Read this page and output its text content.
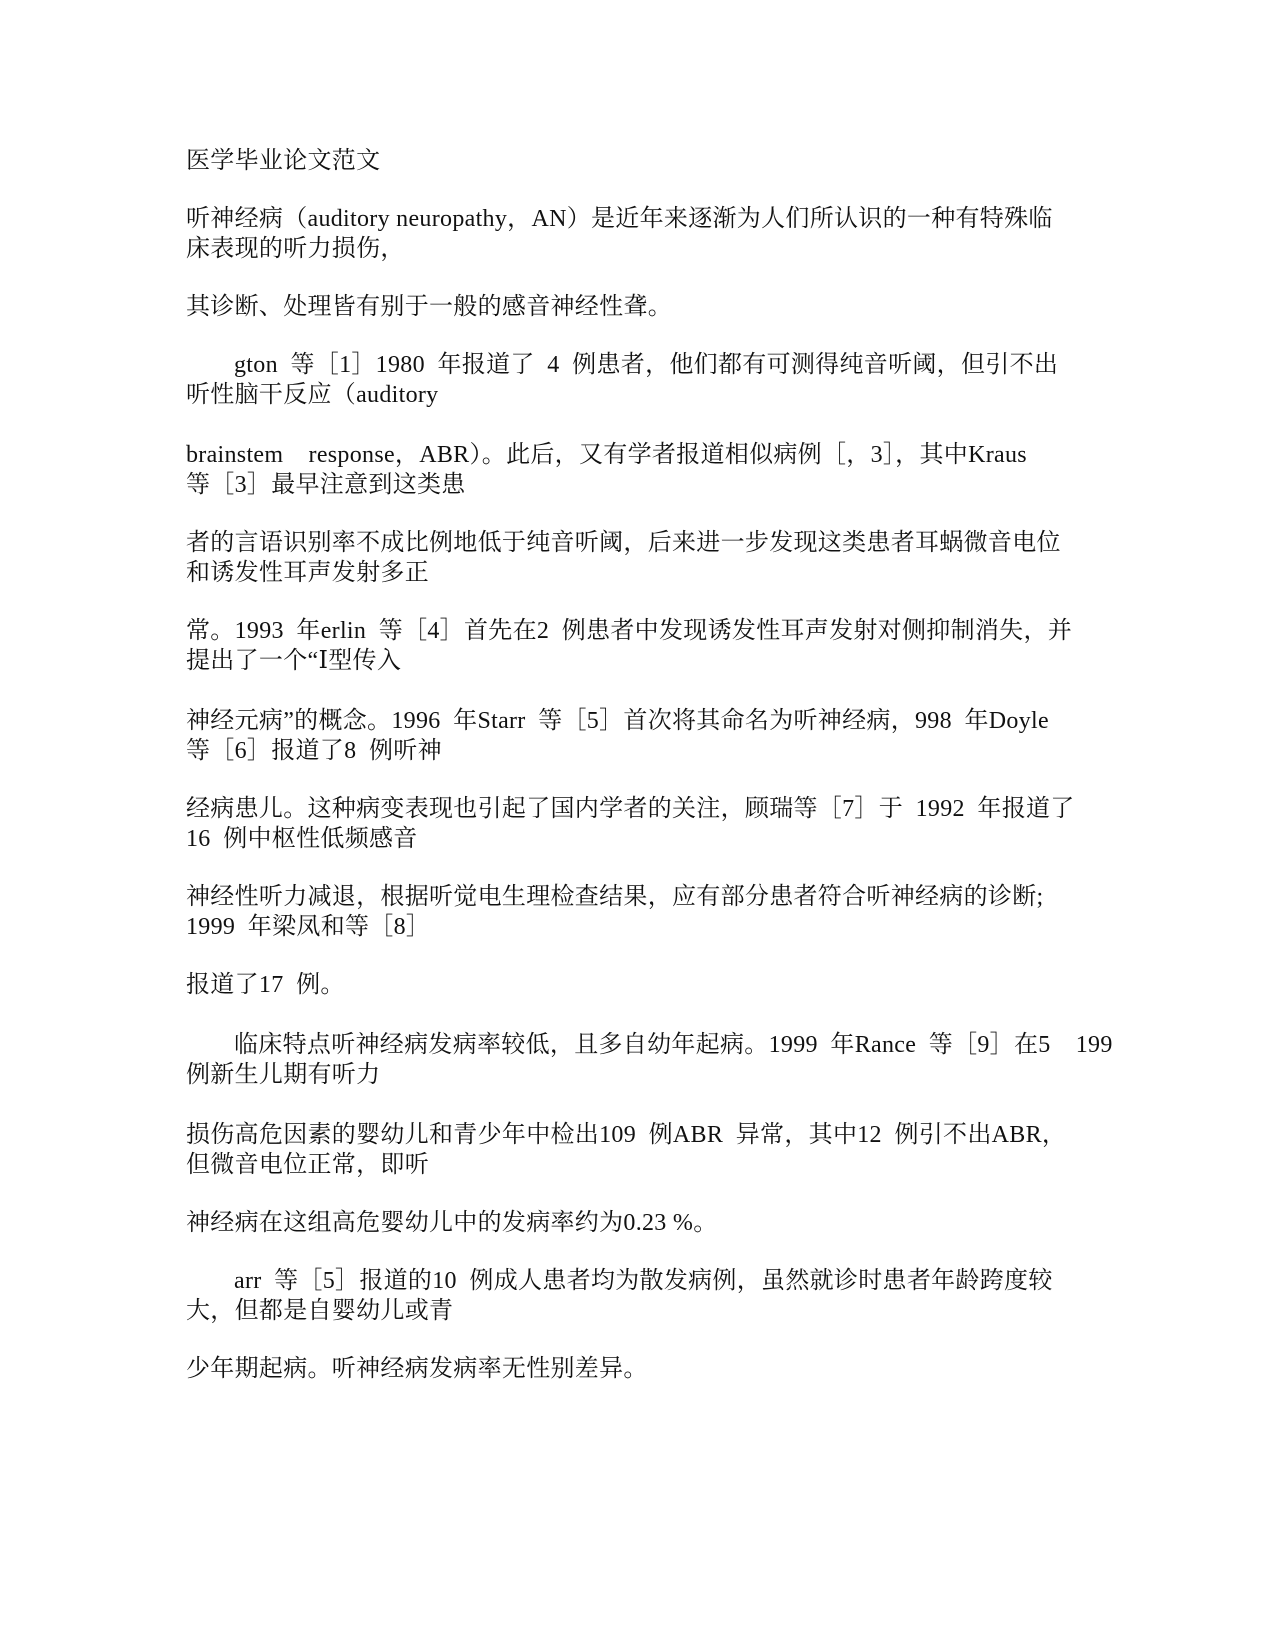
医学毕业论文范文
听神经病（auditory neuropathy，AN）是近年来逐渐为人们所认识的一种有特殊临
床表现的听力损伤，
其诊断、处理皆有别于一般的感音神经性聋。
gton  等［1］1980  年报道了  4  例患者，他们都有可测得纯音听阈，但引不出
听性脑干反应（auditory
brainstem    response，ABR）。此后，又有学者报道相似病例［，3］，其中Kraus
等［3］最早注意到这类患
者的言语识别率不成比例地低于纯音听阈，后来进一步发现这类患者耳蜗微音电位
和诱发性耳声发射多正
常。1993  年erlin  等［4］首先在2  例患者中发现诱发性耳声发射对侧抑制消失，并
提出了一个“Ⅰ型传入
神经元病”的概念。1996  年Starr  等［5］首次将其命名为听神经病，998  年Doyle
等［6］报道了8  例听神
经病患儿。这种病变表现也引起了国内学者的关注，顾瑞等［7］于  1992  年报道了
16  例中枢性低频感音
神经性听力减退，根据听觉电生理检查结果，应有部分患者符合听神经病的诊断;
1999  年梁凤和等［8］
报道了17  例。
临床特点听神经病发病率较低，且多自幼年起病。1999  年Rance  等［9］在5    199
例新生儿期有听力
损伤高危因素的婴幼儿和青少年中检出109  例ABR  异常，其中12  例引不出ABR，
但微音电位正常，即听
神经病在这组高危婴幼儿中的发病率约为0.23 %。
arr  等［5］报道的10  例成人患者均为散发病例，虽然就诊时患者年龄跨度较
大，但都是自婴幼儿或青
少年期起病。听神经病发病率无性别差异。
